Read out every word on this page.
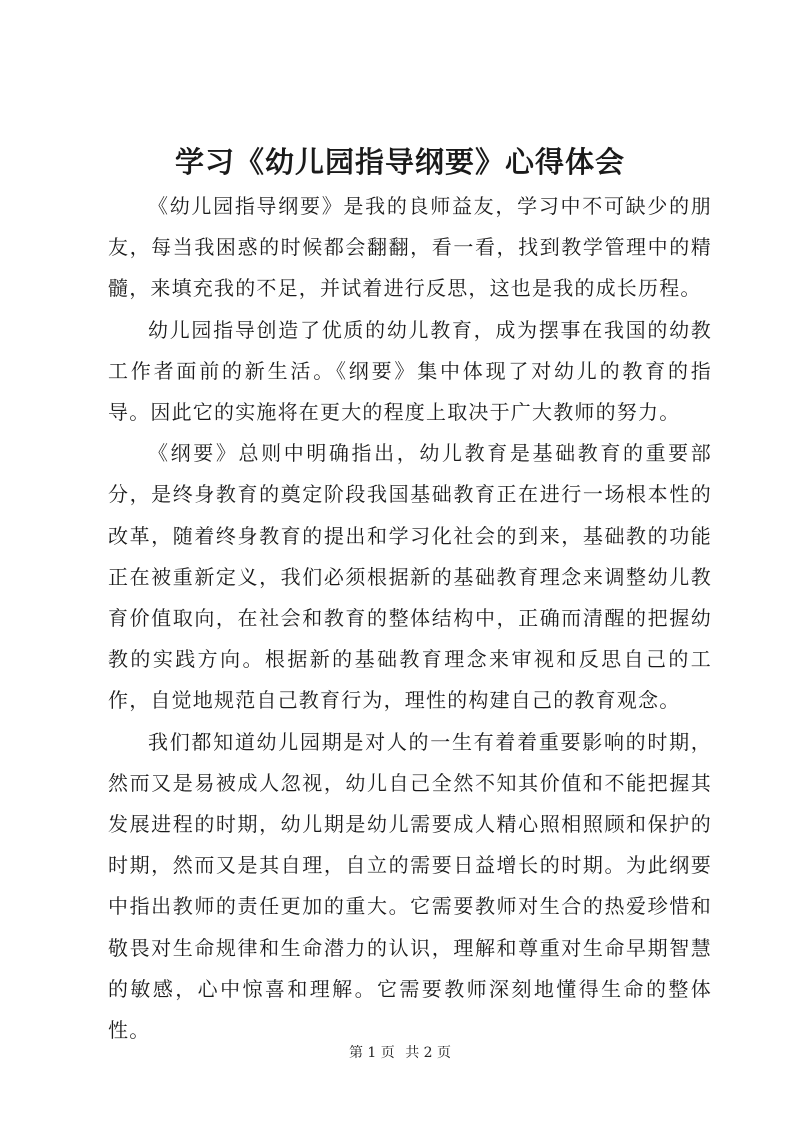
学习《幼儿园指导纲要》心得体会

《幼儿园指导纲要》是我的良师益友，学习中不可缺少的朋友，每当我困惑的时候都会翻翻，看一看，找到教学管理中的精髓，来填充我的不足，并试着进行反思，这也是我的成长历程。

幼儿园指导创造了优质的幼儿教育，成为摆事在我国的幼教工作者面前的新生活。《纲要》集中体现了对幼儿的教育的指导。因此它的实施将在更大的程度上取决于广大教师的努力。

《纲要》总则中明确指出，幼儿教育是基础教育的重要部分，是终身教育的奠定阶段我国基础教育正在进行一场根本性的改革，随着终身教育的提出和学习化社会的到来，基础教的功能正在被重新定义，我们必须根据新的基础教育理念来调整幼儿教育价值取向，在社会和教育的整体结构中，正确而清醒的把握幼教的实践方向。根据新的基础教育理念来审视和反思自己的工作，自觉地规范自己教育行为，理性的构建自己的教育观念。

我们都知道幼儿园期是对人的一生有着着重要影响的时期，然而又是易被成人忽视，幼儿自己全然不知其价值和不能把握其发展进程的时期，幼儿期是幼儿需要成人精心照相照顾和保护的时期，然而又是其自理，自立的需要日益增长的时期。为此纲要中指出教师的责任更加的重大。它需要教师对生合的热爱珍惜和敬畏对生命规律和生命潜力的认识，理解和尊重对生命早期智慧的敏感，心中惊喜和理解。它需要教师深刻地懂得生命的整体性。

第 1 页 共 2 页
